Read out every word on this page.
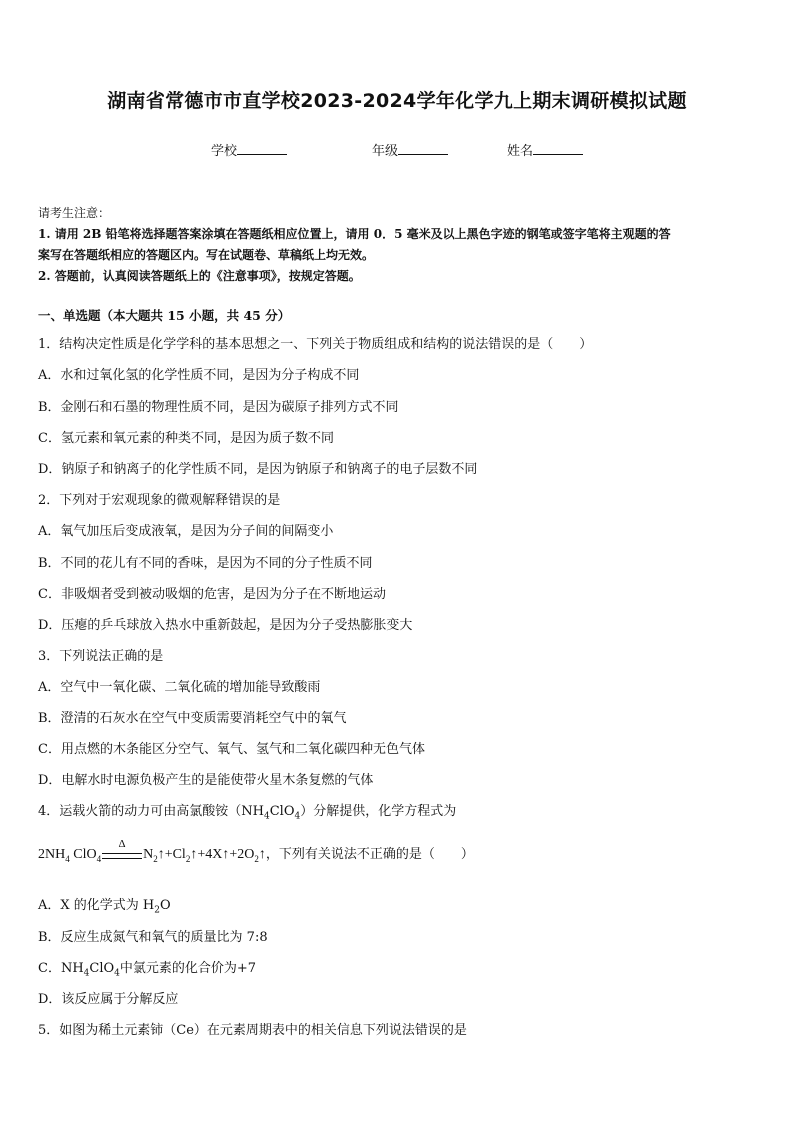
湖南省常德市市直学校2023-2024学年化学九上期末调研模拟试题
学校	年级	姓名
请考生注意：
1. 请用 2B 铅笔将选择题答案涂填在答题纸相应位置上，请用 0．5 毫米及以上黑色字迹的钢笔或签字笔将主观题的答
案写在答题纸相应的答题区内。写在试题卷、草稿纸上均无效。
2. 答题前，认真阅读答题纸上的《注意事项》，按规定答题。
一、单选题（本大题共 15 小题，共 45 分）
1．结构决定性质是化学学科的基本思想之一、下列关于物质组成和结构的说法错误的是（　　）
A．水和过氧化氢的化学性质不同，是因为分子构成不同
B．金刚石和石墨的物理性质不同，是因为碳原子排列方式不同
C．氢元素和氧元素的种类不同，是因为质子数不同
D．钠原子和钠离子的化学性质不同，是因为钠原子和钠离子的电子层数不同
2．下列对于宏观现象的微观解释错误的是
A．氧气加压后变成液氧，是因为分子间的间隔变小
B．不同的花儿有不同的香味，是因为不同的分子性质不同
C．非吸烟者受到被动吸烟的危害，是因为分子在不断地运动
D．压瘪的乒乓球放入热水中重新鼓起，是因为分子受热膨胀变大
3．下列说法正确的是
A．空气中一氧化碳、二氧化硫的增加能导致酸雨
B．澄清的石灰水在空气中变质需要消耗空气中的氧气
C．用点燃的木条能区分空气、氧气、氢气和二氧化碳四种无色气体
D．电解水时电源负极产生的是能使带火星木条复燃的气体
4．运载火箭的动力可由高氯酸铵$(NH_4ClO_4)$分解提供，化学方程式为
$2NH_4$ ClO$_4$
Δ
$N_2↑+Cl_2↑+4X↑+2O_2↑$，下列有关说法不正确的是（　　）
A．X 的化学式为 $H_2O$
B．反应生成氮气和氧气的质量比为 7:8
C．$NH_4ClO_4$中氯元素的化合价为+7
D．该反应属于分解反应
5．如图为稀土元素铈（Ce）在元素周期表中的相关信息下列说法错误的是
